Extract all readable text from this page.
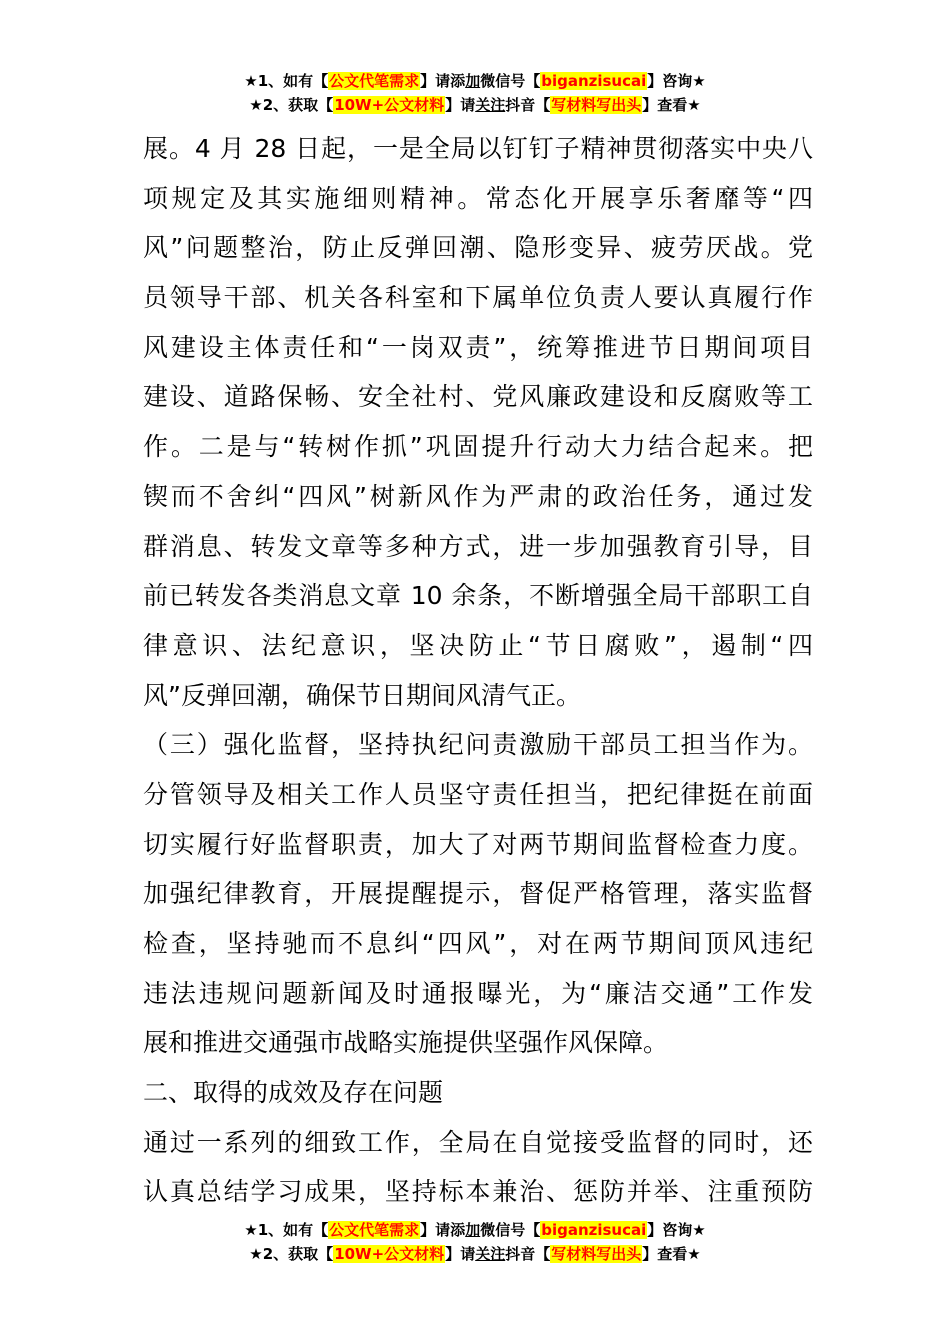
★1、如有【公文代笔需求】请添加微信号【biganzisucai】咨询★
★2、获取【10W+公文材料】请关注抖音【写材料写出头】查看★
展。4 月 28 日起，一是全局以钉钉子精神贯彻落实中央八
项规定及其实施细则精神。常态化开展享乐奢靡等“四
风”问题整治，防止反弹回潮、隐形变异、疲劳厌战。党
员领导干部、机关各科室和下属单位负责人要认真履行作
风建设主体责任和“一岗双责”，统筹推进节日期间项目
建设、道路保畅、安全社村、党风廉政建设和反腐败等工
作。二是与“转树作抓”巩固提升行动大力结合起来。把
锲而不舍纠“四风”树新风作为严肃的政治任务，通过发
群消息、转发文章等多种方式，进一步加强教育引导，目
前已转发各类消息文章 10 余条，不断增强全局干部职工自
律意识、法纪意识，坚决防止“节日腐败”，遏制“四
风”反弹回潮，确保节日期间风清气正。
（三）强化监督，坚持执纪问责激励干部员工担当作为。
分管领导及相关工作人员坚守责任担当，把纪律挺在前面
切实履行好监督职责，加大了对两节期间监督检查力度。
加强纪律教育，开展提醒提示，督促严格管理，落实监督
检查，坚持驰而不息纠“四风”，对在两节期间顶风违纪
违法违规问题新闻及时通报曝光，为“廉洁交通”工作发
展和推进交通强市战略实施提供坚强作风保障。
二、取得的成效及存在问题
通过一系列的细致工作，全局在自觉接受监督的同时，还
认真总结学习成果，坚持标本兼治、惩防并举、注重预防
★1、如有【公文代笔需求】请添加微信号【biganzisucai】咨询★
★2、获取【10W+公文材料】请关注抖音【写材料写出头】查看★
